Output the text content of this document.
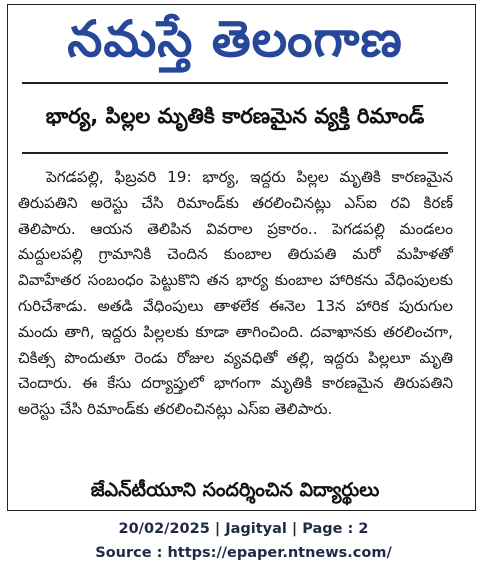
నమస్తే తెలంగాణ
భార్య, పిల్లల మృతికి కారణమైన వ్యక్తి రిమాండ్

పెగడపల్లి, ఫిబ్రవరి 19: భార్య, ఇద్దరు పిల్లల మృతికి కారణమైన తిరుపతిని అరెస్టు చేసి రిమాండ్‌కు తరలించినట్లు ఎస్‌ఐ రవి కిరణ్ తెలిపారు. ఆయన తెలిపిన వివరాల ప్రకారం.. పెగడపల్లి మండలం మద్దులపల్లి గ్రామానికి చెందిన కుంబాల తిరుపతి మరో మహిళతో వివాహేతర సంబంధం పెట్టుకొని తన భార్య కుంబాల హారికను వేధింపులకు గురిచేశాడు. అతడి వేధింపులు తాళలేక ఈనెల 13న హారిక పురుగుల మందు తాగి, ఇద్దరు పిల్లలకు కూడా తాగించింది. దవాఖానకు తరలించగా, చికిత్స పొందుతూ రెండు రోజుల వ్యవధితో తల్లి, ఇద్దరు పిల్లలూ మృతి చెందారు. ఈ కేసు దర్యాప్తులో భాగంగా మృతికి కారణమైన తిరుపతిని అరెస్టు చేసి రిమాండ్‌కు తరలించినట్లు ఎస్‌ఐ తెలిపారు.

జేఎన్‌టీయూని సందర్శించిన విద్యార్థులు
20/02/2025 | Jagityal | Page : 2
Source : https://epaper.ntnews.com/
